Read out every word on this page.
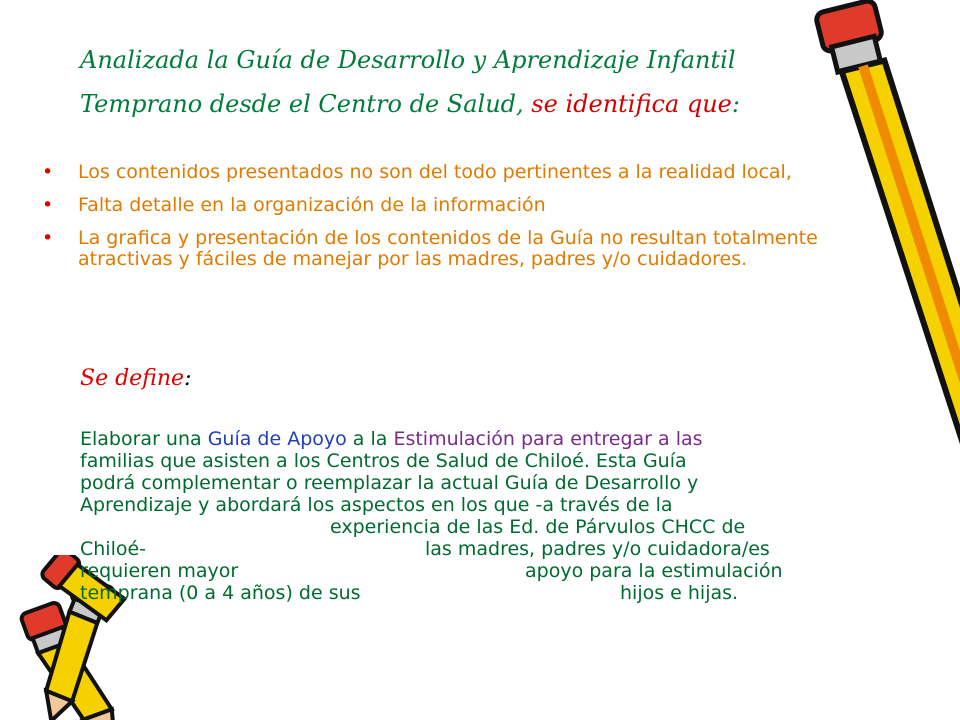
Analizada la Guía de Desarrollo y Aprendizaje Infantil
Temprano desde el Centro de Salud, se identifica que:
• Los contenidos presentados no son del todo pertinentes a la realidad local,
• Falta detalle en la organización de la información
• La grafica y presentación de los contenidos de la Guía no resultan totalmente atractivas y fáciles de manejar por las madres, padres y/o cuidadores.
Se define:
Elaborar una Guía de Apoyo a la Estimulación para entregar a las
familias que asisten a los Centros de Salud de Chiloé. Esta Guía
podrá complementar o reemplazar la actual Guía de Desarrollo y
Aprendizaje y abordará los aspectos en los que -a través de la
experiencia de las Ed. de Párvulos CHCC de
Chiloé-	las madres, padres y/o cuidadora/es
requieren mayor	apoyo para la estimulación
temprana (0 a 4 años) de sus	hijos e hijas.
